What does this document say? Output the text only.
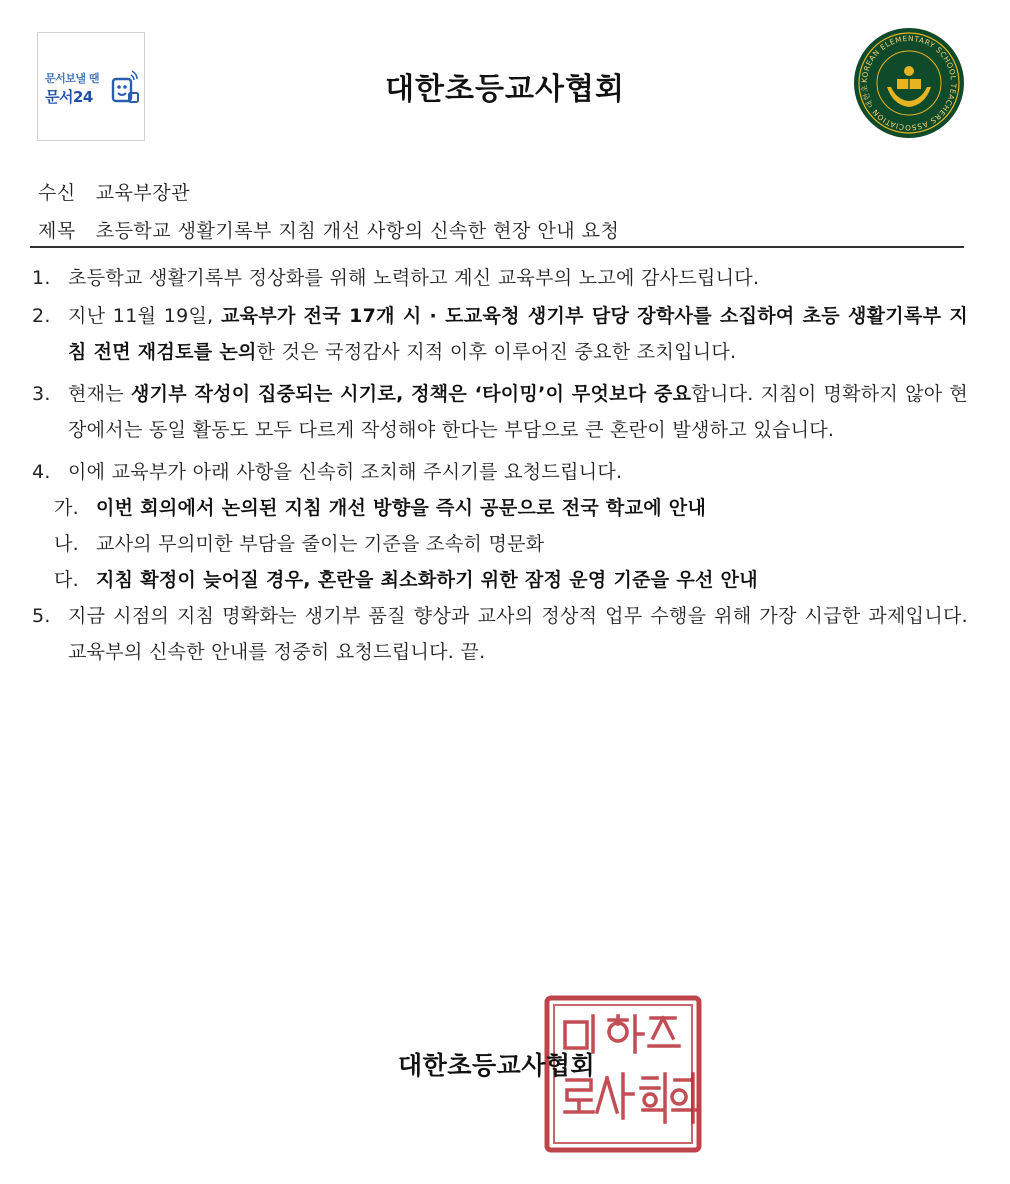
문서보낼 땐
문서24	대한초등교사협회	KOREAN ELEMENTARY SCHOOL TEACHERS ASSOCIATION 대한초
수신 교육부장관
제목 초등학교 생활기록부 지침 개선 사항의 신속한 현장 안내 요청
1. 초등학교 생활기록부 정상화를 위해 노력하고 계신 교육부의 노고에 감사드립니다.
2. 지난 11월 19일, 교육부가 전국 17개 시 · 도교육청 생기부 담당 장학사를 소집하여 초등 생활기록부 지침 전면 재검토를 논의한 것은 국정감사 지적 이후 이루어진 중요한 조치입니다.
3. 현재는 생기부 작성이 집중되는 시기로, 정책은 ‘타이밍’이 무엇보다 중요합니다. 지침이 명확하지 않아 현장에서는 동일 활동도 모두 다르게 작성해야 한다는 부담으로 큰 혼란이 발생하고 있습니다.
4. 이에 교육부가 아래 사항을 신속히 조치해 주시기를 요청드립니다.
가. 이번 회의에서 논의된 지침 개선 방향을 즉시 공문으로 전국 학교에 안내
나. 교사의 무의미한 부담을 줄이는 기준을 조속히 명문화
다. 지침 확정이 늦어질 경우, 혼란을 최소화하기 위한 잠정 운영 기준을 우선 안내
5. 지금 시점의 지침 명확화는 생기부 품질 향상과 교사의 정상적 업무 수행을 위해 가장 시급한 과제입니다. 교육부의 신속한 안내를 정중히 요청드립니다. 끝.
대한초등교사협회
